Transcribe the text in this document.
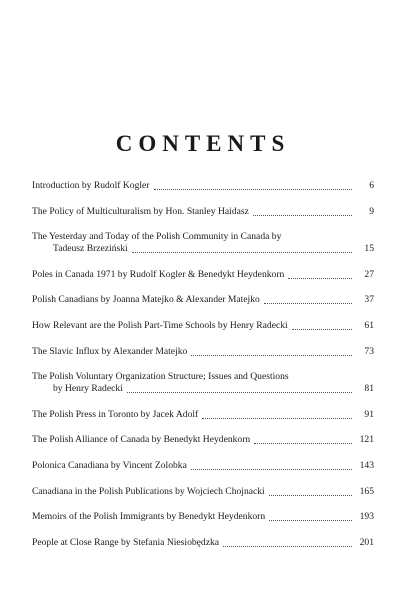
CONTENTS
Introduction by Rudolf Kogler	6
The Policy of Multiculturalism by Hon. Stanley Haidasz	9
The Yesterday and Today of the Polish Community in Canada by
Tadeusz Brzeziński	15
Poles in Canada 1971 by Rudolf Kogler & Benedykt Heydenkorn	27
Polish Canadians by Joanna Matejko & Alexander Matejko	37
How Relevant are the Polish Part-Time Schools by Henry Radecki	61
The Slavic Influx by Alexander Matejko	73
The Polish Voluntary Organization Structure; Issues and Questions
by Henry Radecki	81
The Polish Press in Toronto by Jacek Adolf	91
The Polish Alliance of Canada by Benedykt Heydenkorn	121
Polonica Canadiana by Vincent Zolobka	143
Canadiana in the Polish Publications by Wojciech Chojnacki	165
Memoirs of the Polish Immigrants by Benedykt Heydenkorn	193
People at Close Range by Stefania Niesiobędzka	201
